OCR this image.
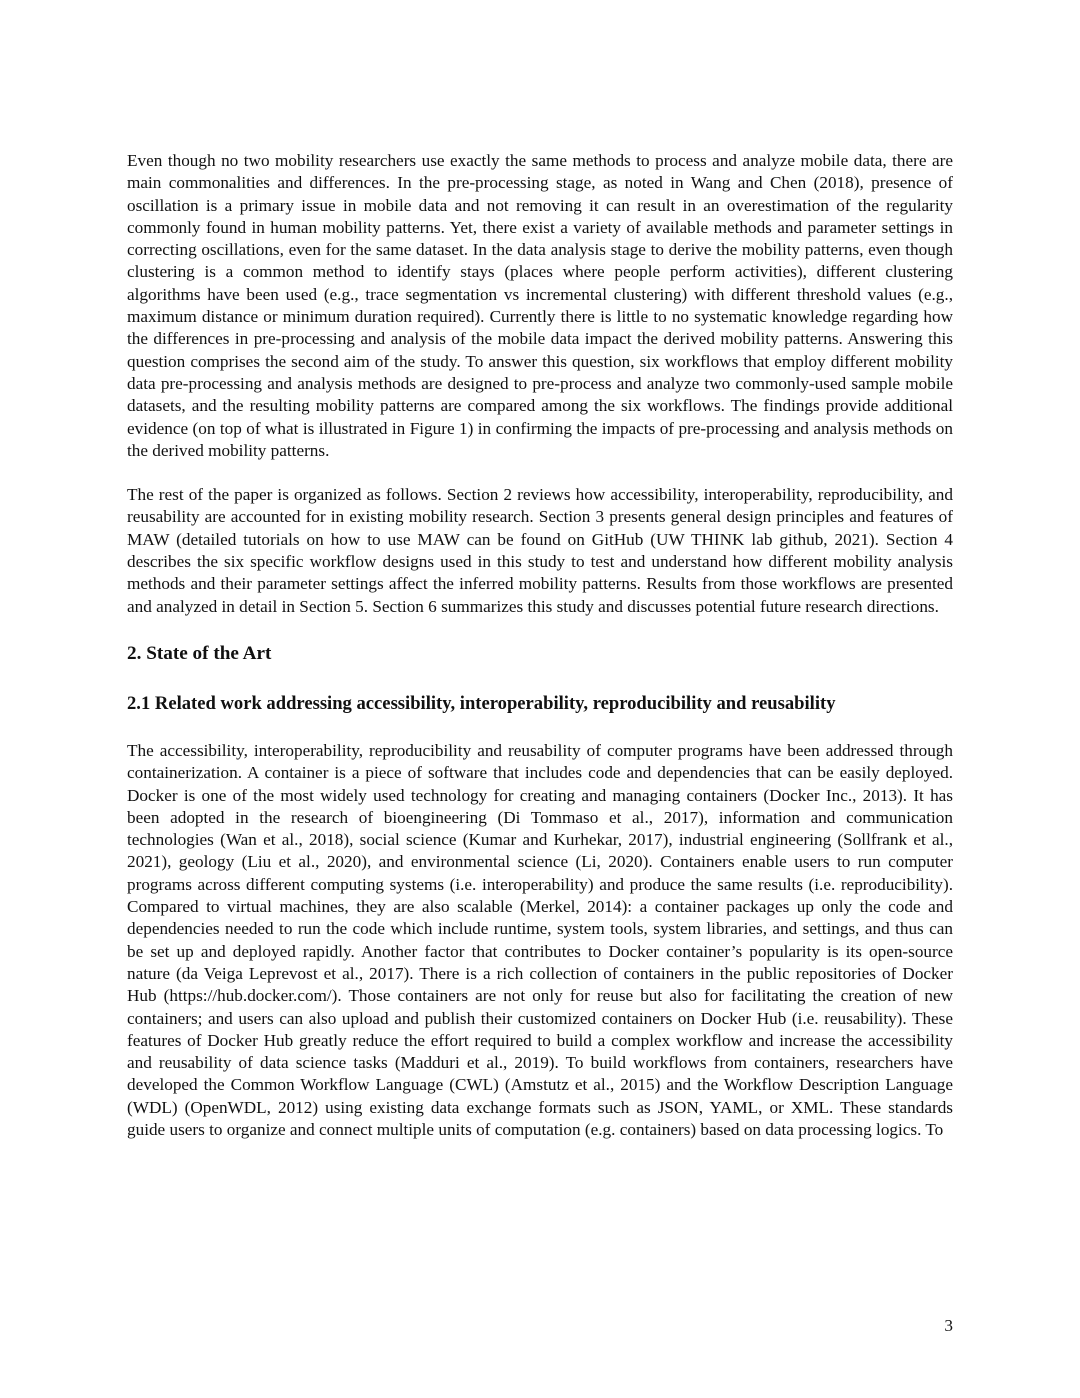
Even though no two mobility researchers use exactly the same methods to process and analyze mobile data, there are main commonalities and differences. In the pre-processing stage, as noted in Wang and Chen (2018), presence of oscillation is a primary issue in mobile data and not removing it can result in an overestimation of the regularity commonly found in human mobility patterns. Yet, there exist a variety of available methods and parameter settings in correcting oscillations, even for the same dataset. In the data analysis stage to derive the mobility patterns, even though clustering is a common method to identify stays (places where people perform activities), different clustering algorithms have been used (e.g., trace segmentation vs incremental clustering) with different threshold values (e.g., maximum distance or minimum duration required). Currently there is little to no systematic knowledge regarding how the differences in pre-processing and analysis of the mobile data impact the derived mobility patterns. Answering this question comprises the second aim of the study. To answer this question, six workflows that employ different mobility data pre-processing and analysis methods are designed to pre-process and analyze two commonly-used sample mobile datasets, and the resulting mobility patterns are compared among the six workflows. The findings provide additional evidence (on top of what is illustrated in Figure 1) in confirming the impacts of pre-processing and analysis methods on the derived mobility patterns.

The rest of the paper is organized as follows. Section 2 reviews how accessibility, interoperability, reproducibility, and reusability are accounted for in existing mobility research. Section 3 presents general design principles and features of MAW (detailed tutorials on how to use MAW can be found on GitHub (UW THINK lab github, 2021). Section 4 describes the six specific workflow designs used in this study to test and understand how different mobility analysis methods and their parameter settings affect the inferred mobility patterns. Results from those workflows are presented and analyzed in detail in Section 5. Section 6 summarizes this study and discusses potential future research directions.

2. State of the Art
2.1 Related work addressing accessibility, interoperability, reproducibility and reusability

The accessibility, interoperability, reproducibility and reusability of computer programs have been addressed through containerization. A container is a piece of software that includes code and dependencies that can be easily deployed. Docker is one of the most widely used technology for creating and managing containers (Docker Inc., 2013). It has been adopted in the research of bioengineering (Di Tommaso et al., 2017), information and communication technologies (Wan et al., 2018), social science (Kumar and Kurhekar, 2017), industrial engineering (Sollfrank et al., 2021), geology (Liu et al., 2020), and environmental science (Li, 2020). Containers enable users to run computer programs across different computing systems (i.e. interoperability) and produce the same results (i.e. reproducibility). Compared to virtual machines, they are also scalable (Merkel, 2014): a container packages up only the code and dependencies needed to run the code which include runtime, system tools, system libraries, and settings, and thus can be set up and deployed rapidly. Another factor that contributes to Docker container’s popularity is its open-source nature (da Veiga Leprevost et al., 2017). There is a rich collection of containers in the public repositories of Docker Hub (https://hub.docker.com/). Those containers are not only for reuse but also for facilitating the creation of new containers; and users can also upload and publish their customized containers on Docker Hub (i.e. reusability). These features of Docker Hub greatly reduce the effort required to build a complex workflow and increase the accessibility and reusability of data science tasks (Madduri et al., 2019). To build workflows from containers, researchers have developed the Common Workflow Language (CWL) (Amstutz et al., 2015) and the Workflow Description Language (WDL) (OpenWDL, 2012) using existing data exchange formats such as JSON, YAML, or XML. These standards guide users to organize and connect multiple units of computation (e.g. containers) based on data processing logics. To

3
